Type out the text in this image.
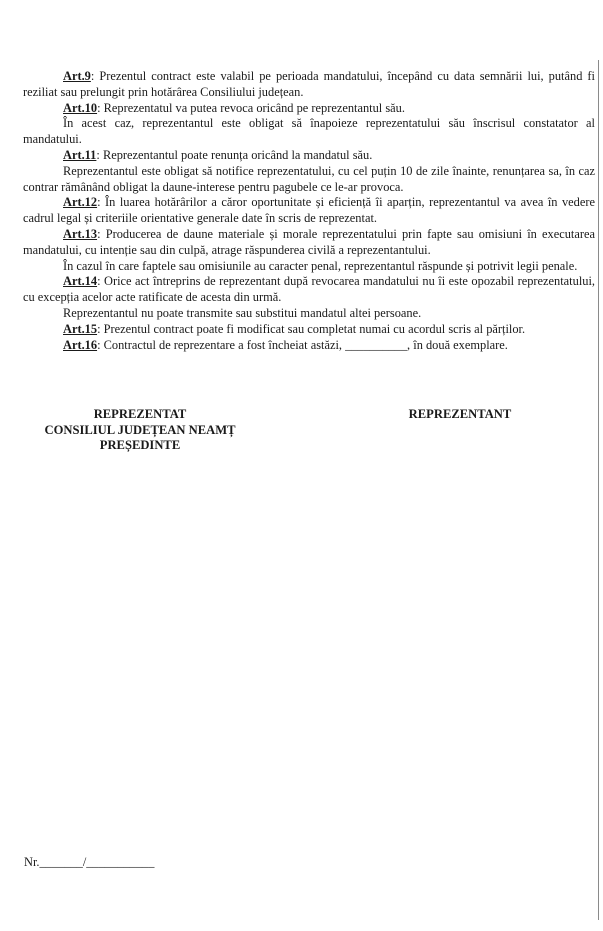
Art.9: Prezentul contract este valabil pe perioada mandatului, începând cu data semnării lui, putând fi reziliat sau prelungit prin hotărârea Consiliului județean.

Art.10: Reprezentatul va putea revoca oricând pe reprezentantul său.

În acest caz, reprezentantul este obligat să înapoieze reprezentatului său înscrisul constatator al mandatului.

Art.11: Reprezentantul poate renunța oricând la mandatul său.

Reprezentantul este obligat să notifice reprezentatului, cu cel puțin 10 de zile înainte, renunțarea sa, în caz contrar rămânând obligat la daune-interese pentru pagubele ce le-ar provoca.

Art.12: În luarea hotărârilor a căror oportunitate și eficiență îi aparțin, reprezentantul va avea în vedere cadrul legal și criteriile orientative generale date în scris de reprezentat.

Art.13: Producerea de daune materiale și morale reprezentatului prin fapte sau omisiuni în executarea mandatului, cu intenție sau din culpă, atrage răspunderea civilă a reprezentantului.

În cazul în care faptele sau omisiunile au caracter penal, reprezentantul răspunde și potrivit legii penale.

Art.14: Orice act întreprins de reprezentant după revocarea mandatului nu îi este opozabil reprezentatului, cu excepția acelor acte ratificate de acesta din urmă.

Reprezentantul nu poate transmite sau substitui mandatul altei persoane.

Art.15: Prezentul contract poate fi modificat sau completat numai cu acordul scris al părților.

Art.16: Contractul de reprezentare a fost încheiat astăzi, __________, în două exemplare.

REPREZENTAT
CONSILIUL JUDEȚEAN NEAMȚ
PREȘEDINTE
REPREZENTANT
Nr._______/___________
